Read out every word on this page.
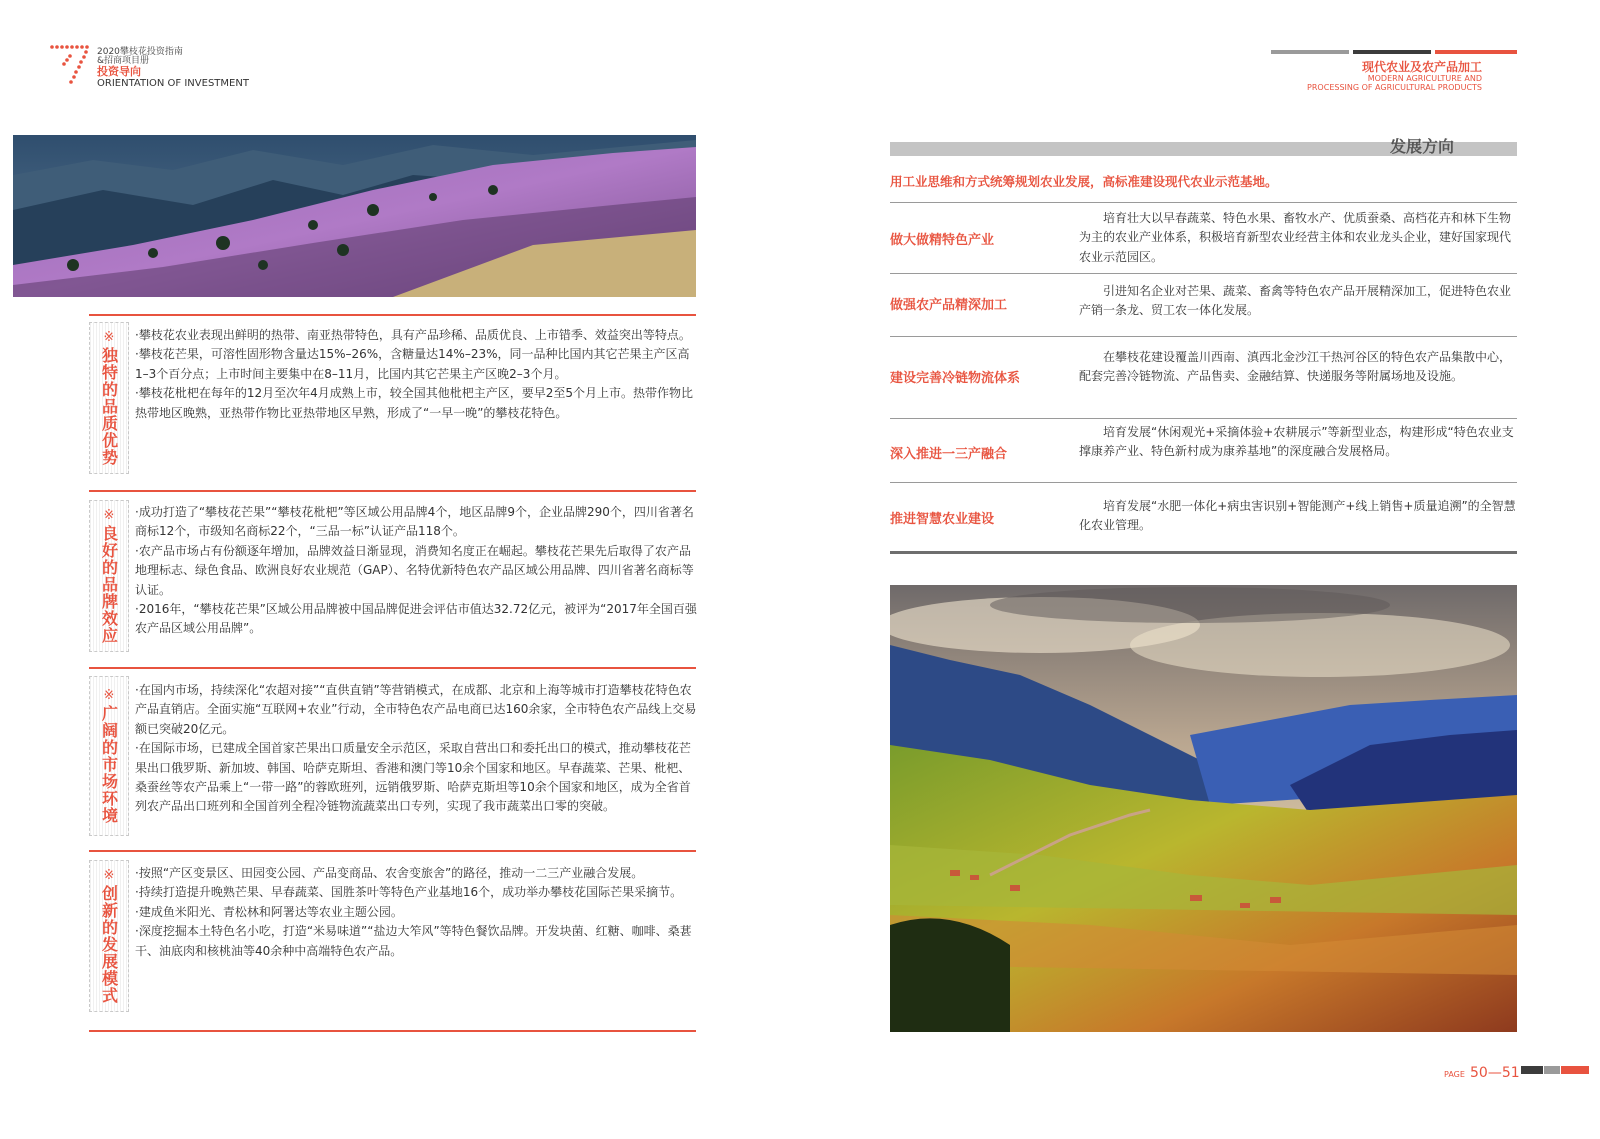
2020攀枝花投资指南
&招商项目册
投资导向
ORIENTATION OF INVESTMENT
现代农业及农产品加工
MODERN AGRICULTURE AND
PROCESSING OF AGRICULTURAL PRODUCTS
※
独特的品质优势

·攀枝花农业表现出鲜明的热带、南亚热带特色，具有产品珍稀、品质优良、上市错季、效益突出等特点。

·攀枝花芒果，可溶性固形物含量达15%–26%，含糖量达14%–23%，同一品种比国内其它芒果主产区高1–3个百分点；上市时间主要集中在8–11月，比国内其它芒果主产区晚2–3个月。

·攀枝花枇杷在每年的12月至次年4月成熟上市，较全国其他枇杷主产区，要早2至5个月上市。热带作物比热带地区晚熟，亚热带作物比亚热带地区早熟，形成了“一早一晚”的攀枝花特色。

※
良好的品牌效应

·成功打造了“攀枝花芒果”“攀枝花枇杷”等区域公用品牌4个，地区品牌9个，企业品牌290个，四川省著名商标12个，市级知名商标22个，“三品一标”认证产品118个。

·农产品市场占有份额逐年增加，品牌效益日渐显现，消费知名度正在崛起。攀枝花芒果先后取得了农产品地理标志、绿色食品、欧洲良好农业规范（GAP）、名特优新特色农产品区域公用品牌、四川省著名商标等认证。

·2016年，“攀枝花芒果”区域公用品牌被中国品牌促进会评估市值达32.72亿元，被评为“2017年全国百强农产品区域公用品牌”。

※
广阔的市场环境

·在国内市场，持续深化“农超对接”“直供直销”等营销模式，在成都、北京和上海等城市打造攀枝花特色农产品直销店。全面实施“互联网+农业”行动，全市特色农产品电商已达160余家，全市特色农产品线上交易额已突破20亿元。

·在国际市场，已建成全国首家芒果出口质量安全示范区，采取自营出口和委托出口的模式，推动攀枝花芒果出口俄罗斯、新加坡、韩国、哈萨克斯坦、香港和澳门等10余个国家和地区。早春蔬菜、芒果、枇杷、桑蚕丝等农产品乘上“一带一路”的蓉欧班列，远销俄罗斯、哈萨克斯坦等10余个国家和地区，成为全省首列农产品出口班列和全国首列全程冷链物流蔬菜出口专列，实现了我市蔬菜出口零的突破。

※
创新的发展模式

·按照“产区变景区、田园变公园、产品变商品、农舍变旅舍”的路径，推动一二三产业融合发展。

·持续打造提升晚熟芒果、早春蔬菜、国胜茶叶等特色产业基地16个，成功举办攀枝花国际芒果采摘节。

·建成鱼米阳光、青松林和阿署达等农业主题公园。

·深度挖掘本土特色名小吃，打造“米易味道”“盐边大笮风”等特色餐饮品牌。开发块菌、红糖、咖啡、桑葚干、油底肉和核桃油等40余种中高端特色农产品。

发展方向
用工业思维和方式统筹规划农业发展，高标准建设现代农业示范基地。
做大做精特色产业
培育壮大以早春蔬菜、特色水果、畜牧水产、优质蚕桑、高档花卉和林下生物为主的农业产业体系，积极培育新型农业经营主体和农业龙头企业，建好国家现代农业示范园区。
做强农产品精深加工
引进知名企业对芒果、蔬菜、畜禽等特色农产品开展精深加工，促进特色农业产销一条龙、贸工农一体化发展。
建设完善冷链物流体系
在攀枝花建设覆盖川西南、滇西北金沙江干热河谷区的特色农产品集散中心，配套完善冷链物流、产品售卖、金融结算、快递服务等附属场地及设施。
深入推进一三产融合
培育发展“休闲观光+采摘体验+农耕展示”等新型业态，构建形成“特色农业支撑康养产业、特色新村成为康养基地”的深度融合发展格局。
推进智慧农业建设
培育发展“水肥一体化+病虫害识别+智能测产+线上销售+质量追溯”的全智慧化农业管理。
PAGE 50—51
